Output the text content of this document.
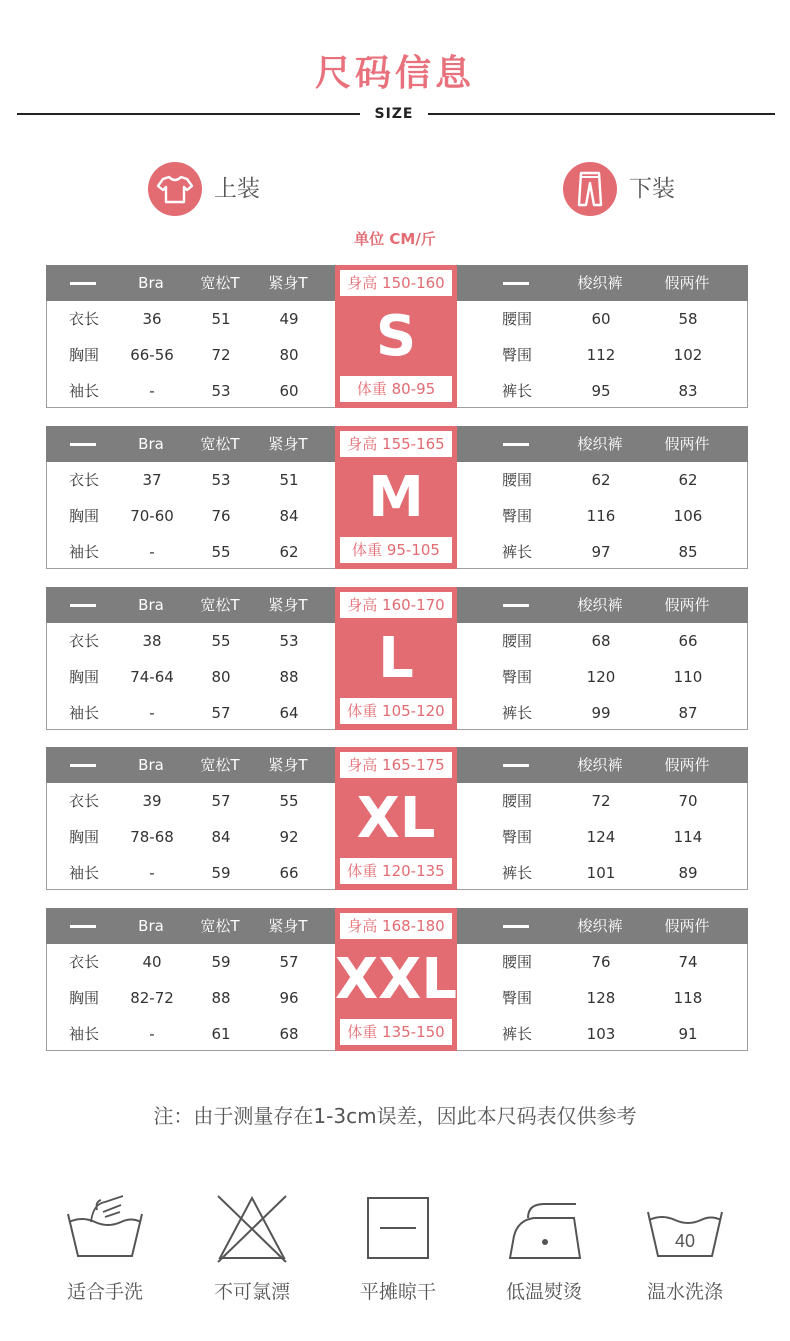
尺码信息
SIZE
上装	下装
单位 CM/斤
Bra	宽松T	紧身T	梭织裤	假两件
衣长	36	51	49
胸围	66-56	72	80
袖长	-	53	60
腰围	60	58
臀围	112	102
裤长	95	83
身高 150-160
S
体重 80-95
Bra	宽松T	紧身T	梭织裤	假两件
衣长	37	53	51
胸围	70-60	76	84
袖长	-	55	62
腰围	62	62
臀围	116	106
裤长	97	85
身高 155-165
M
体重 95-105
Bra	宽松T	紧身T	梭织裤	假两件
衣长	38	55	53
胸围	74-64	80	88
袖长	-	57	64
腰围	68	66
臀围	120	110
裤长	99	87
身高 160-170
L
体重 105-120
Bra	宽松T	紧身T	梭织裤	假两件
衣长	39	57	55
胸围	78-68	84	92
袖长	-	59	66
腰围	72	70
臀围	124	114
裤长	101	89
身高 165-175
XL
体重 120-135
Bra	宽松T	紧身T	梭织裤	假两件
衣长	40	59	57
胸围	82-72	88	96
袖长	-	61	68
腰围	76	74
臀围	128	118
裤长	103	91
身高 168-180
XXL
体重 135-150
注：由于测量存在1-3cm误差，因此本尺码表仅供参考
适合手洗	不可氯漂	平摊晾干	低温熨烫
40
温水洗涤
